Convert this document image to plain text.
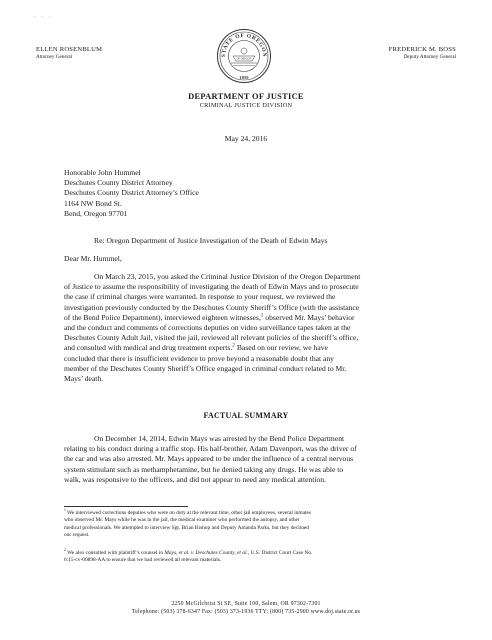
· · ·
ELLEN ROSENBLUM
Attorney General	STATE OF OREGON
OF OREGON
1859
FREDERICK M. BOSS
Deputy Attorney General
DEPARTMENT OF JUSTICE
CRIMINAL JUSTICE DIVISION
May 24, 2016
Honorable John Hummel
Deschutes County District Attorney
Deschutes County District Attorney’s Office
1164 NW Bond St.
Bend, Oregon 97701
Re: Oregon Department of Justice Investigation of the Death of Edwin Mays
Dear Mr. Hummel,
On March 23, 2015, you asked the Criminal Justice Division of the Oregon Department
of Justice to assume the responsibility of investigating the death of Edwin Mays and to prosecute
the case if criminal charges were warranted. In response to your request, we reviewed the
investigation previously conducted by the Deschutes County Sheriff’s Office (with the assistance
of the Bend Police Department), interviewed eighteen witnesses,$^1$ observed Mr. Mays’ behavior
and the conduct and comments of corrections deputies on video surveillance tapes taken at the
Deschutes County Adult Jail, visited the jail, reviewed all relevant policies of the sheriff’s office,
and consulted with medical and drug treatment experts.$^2$ Based on our review, we have
concluded that there is insufficient evidence to prove beyond a reasonable doubt that any
member of the Deschutes County Sheriff’s Office engaged in criminal conduct related to Mr.
Mays’ death.
FACTUAL SUMMARY
On December 14, 2014, Edwin Mays was arrested by the Bend Police Department
relating to his conduct during a traffic stop. His half-brother, Adam Davenport, was the driver of
the car and was also arrested. Mr. Mays appeared to be under the influence of a central nervous
system stimulant such as methamphetamine, but he denied taking any drugs. He was able to
walk, was responsive to the officers, and did not appear to need any medical attention.
$^1$ We interviewed corrections deputies who were on duty at the relevant time, other jail employees, several inmates
who observed Mr. Mays while he was in the jail, the medical examiner who performed the autopsy, and other
medical professionals. We attempted to interview Sgt. Brian Bishop and Deputy Amanda Parks, but they declined
our request.
$^2$ We also consulted with plaintiff’s counsel in Mays, et al. v. Deschutes County, et al., U.S. District Court Case No.
6:15-cv-00898-AA to ensure that we had reviewed all relevant materials.
2250 McGilchrist St SE, Suite 100, Salem, OR 97302-7301
Telephone: (503) 378-6347 Fax: (503) 373-1936 TTY: (800) 735-2900 www.doj.state.or.us
